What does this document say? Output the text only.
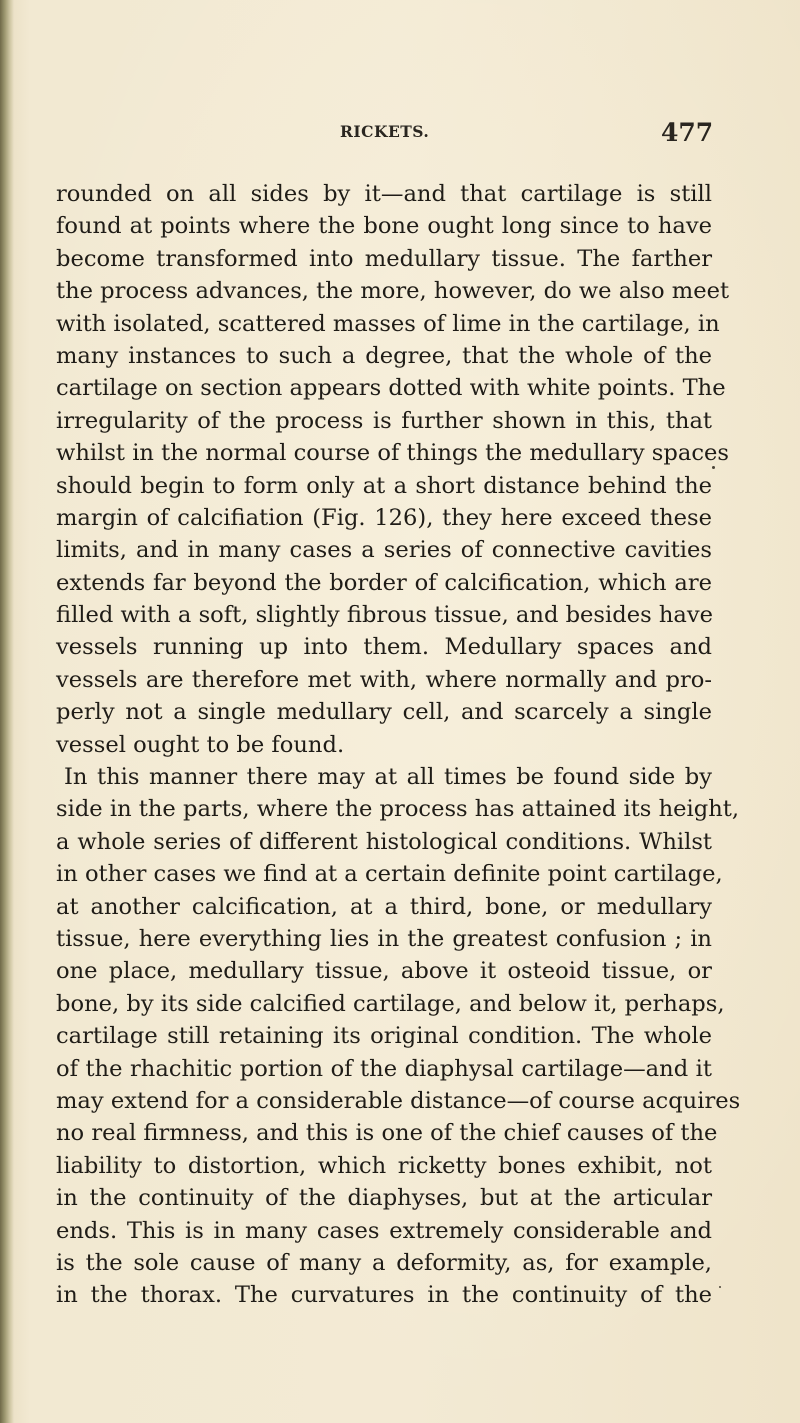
RICKETS.	477
rounded on all sides by it—and that cartilage is still
found at points where the bone ought long since to have
become transformed into medullary tissue. The farther
the process advances, the more, however, do we also meet
with isolated, scattered masses of lime in the cartilage, in
many instances to such a degree, that the whole of the
cartilage on section appears dotted with white points. The
irregularity of the process is further shown in this, that
whilst in the normal course of things the medullary spaces
should begin to form only at a short distance behind the
margin of calcifiation (Fig. 126), they here exceed these
limits, and in many cases a series of connective cavities
extends far beyond the border of calcification, which are
filled with a soft, slightly fibrous tissue, and besides have
vessels running up into them. Medullary spaces and
vessels are therefore met with, where normally and pro-
perly not a single medullary cell, and scarcely a single
vessel ought to be found.
In this manner there may at all times be found side by
side in the parts, where the process has attained its height,
a whole series of different histological conditions. Whilst
in other cases we find at a certain definite point cartilage,
at another calcification, at a third, bone, or medullary
tissue, here everything lies in the greatest confusion ; in
one place, medullary tissue, above it osteoid tissue, or
bone, by its side calcified cartilage, and below it, perhaps,
cartilage still retaining its original condition. The whole
of the rhachitic portion of the diaphysal cartilage—and it
may extend for a considerable distance—of course acquires
no real firmness, and this is one of the chief causes of the
liability to distortion, which ricketty bones exhibit, not
in the continuity of the diaphyses, but at the articular
ends. This is in many cases extremely considerable and
is the sole cause of many a deformity, as, for example,
in the thorax. The curvatures in the continuity of the
